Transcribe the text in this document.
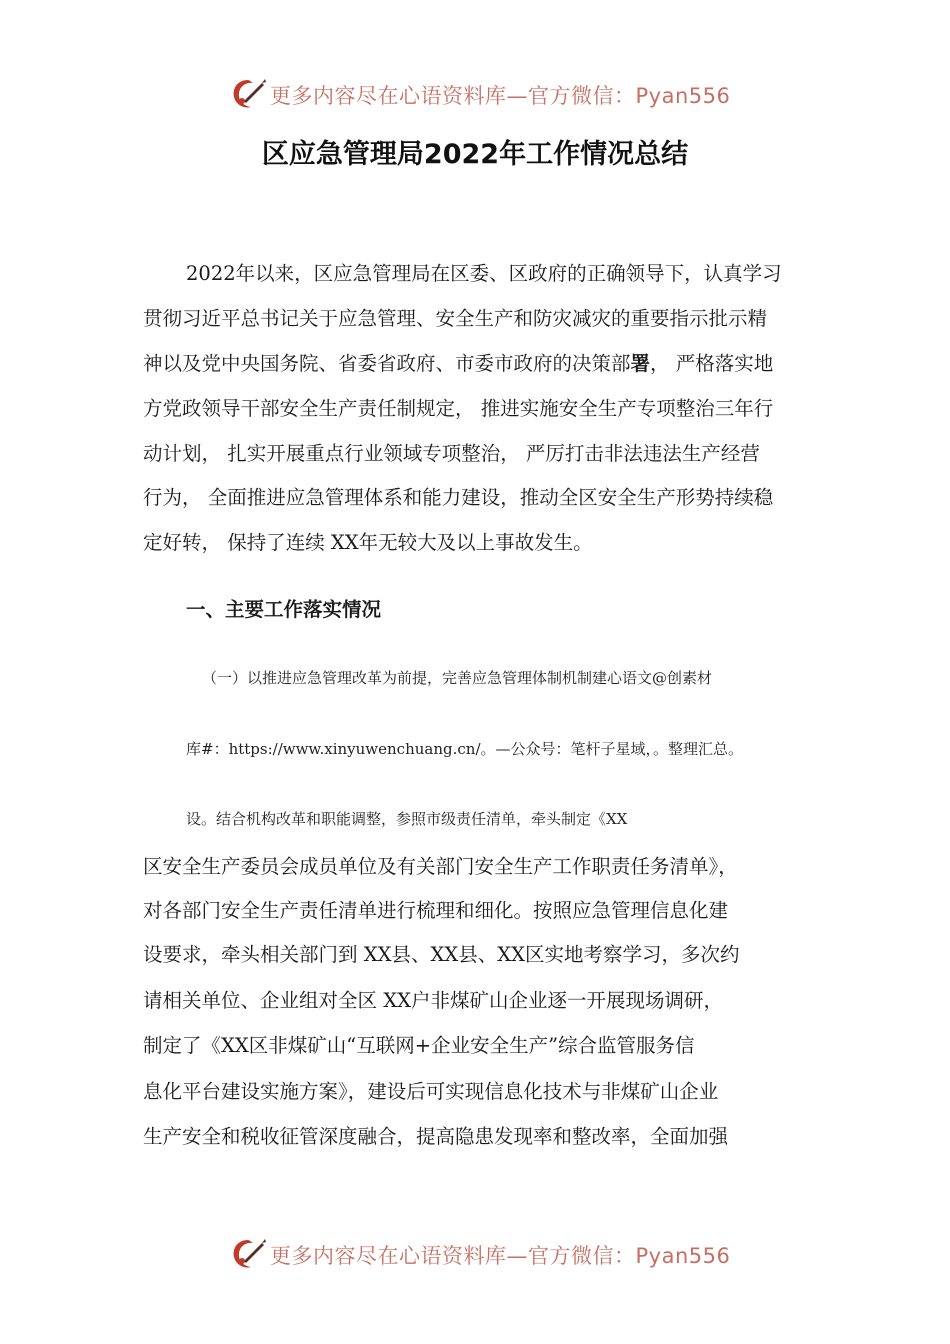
更多内容尽在心语资料库—官方微信：Pyan556
区应急管理局2022年工作情况总结
2022年以来，区应急管理局在区委、区政府的正确领导下，认真学习
贯彻习近平总书记关于应急管理、安全生产和防灾减灾的重要指示批示精
神以及党中央国务院、省委省政府、市委市政府的决策部署， 严格落实地
方党政领导干部安全生产责任制规定， 推进实施安全生产专项整治三年行
动计划， 扎实开展重点行业领域专项整治， 严厉打击非法违法生产经营
行为， 全面推进应急管理体系和能力建设，推动全区安全生产形势持续稳
定好转， 保持了连续 XX年无较大及以上事故发生。
一、主要工作落实情况
（一）以推进应急管理改革为前提，完善应急管理体制机制建心语文@创素材
库#：https://www.xinyuwenchuang.cn/。—公众号：笔杆子星域，。整理汇总。
设。结合机构改革和职能调整，参照市级责任清单，牵头制定《XX
区安全生产委员会成员单位及有关部门安全生产工作职责任务清单》，
对各部门安全生产责任清单进行梳理和细化。按照应急管理信息化建
设要求，牵头相关部门到 XX县、XX县、XX区实地考察学习，多次约
请相关单位、企业组对全区 XX户非煤矿山企业逐一开展现场调研，
制定了《XX区非煤矿山“互联网+企业安全生产”综合监管服务信
息化平台建设实施方案》，建设后可实现信息化技术与非煤矿山企业
生产安全和税收征管深度融合，提高隐患发现率和整改率，全面加强
更多内容尽在心语资料库—官方微信：Pyan556
